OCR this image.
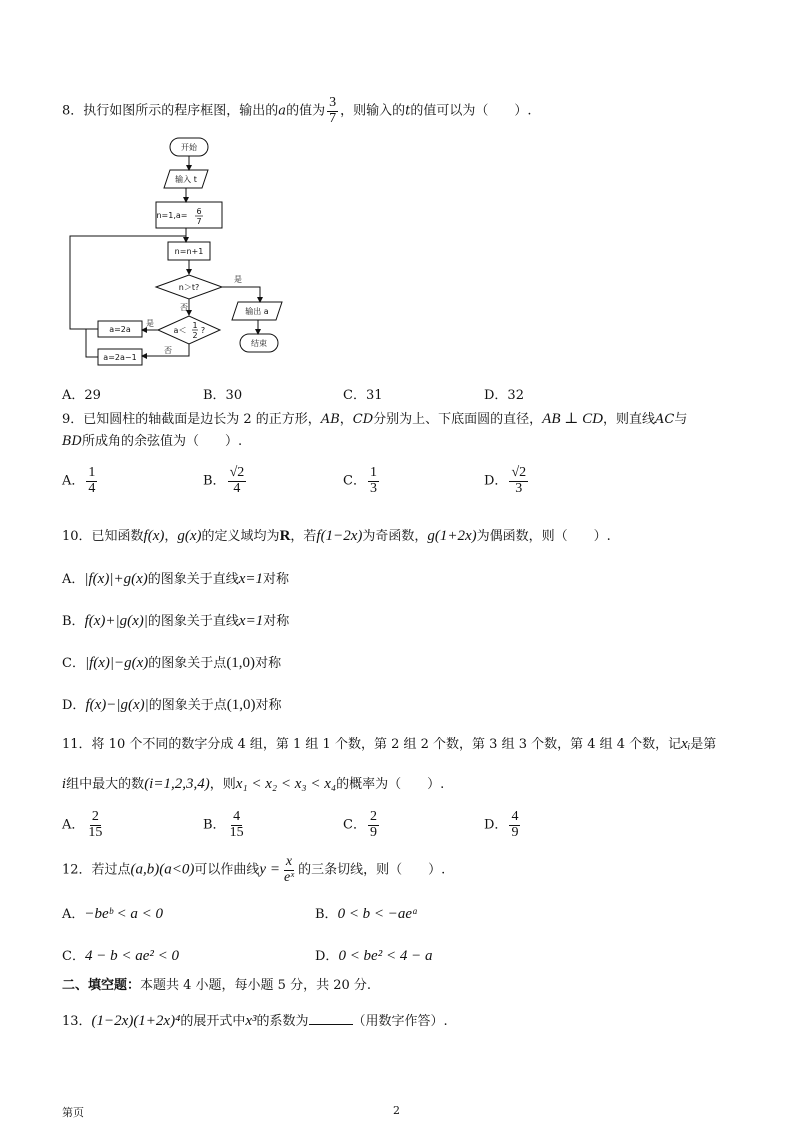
8．执行如图所示的程序框图，输出的a的值为 $\frac{3}{7}$ ，则输入的t的值可以为（　　）.
开始
输入 t
n=1,a= 6
7
n=n+1
n＞t?
是
否	输出 a
结束
a＜
1
2
?
是
否
a=2a
a=2a−1
A．29	B．30	C．31	D．32
9．已知圆柱的轴截面是边长为 2 的正方形，AB，CD分别为上、下底面圆的直径，AB ⊥ CD，则直线AC与
BD所成角的余弦值为（　　）.
A． $\frac{1}{4}$	B． $\frac{√2}{4}$	C． $\frac{1}{3}$	D． $\frac{√2}{3}$
10．已知函数f(x)，g(x)的定义域均为R，若f(1−2x)为奇函数，g(1+2x)为偶函数，则（　　）.
A．|f(x)|+g(x)的图象关于直线x=1对称
B．f(x)+|g(x)|的图象关于直线x=1对称
C．|f(x)|−g(x)的图象关于点(1,0)对称
D．f(x)−|g(x)|的图象关于点(1,0)对称
11．将 10 个不同的数字分成 4 组，第 1 组 1 个数，第 2 组 2 个数，第 3 组 3 个数，第 4 组 4 个数，记xᵢ是第
i组中最大的数(i=1,2,3,4)，则x₁ < x₂ < x₃ < x₄的概率为（　　）.
A． $\frac{2}{15}$	B． $\frac{4}{15}$	C． $\frac{2}{9}$	D． $\frac{4}{9}$
12．若过点(a,b)(a<0)可以作曲线$y = \frac{x}{\text{eˣ}}$ 的三条切线，则（　　）.
A．−beᵇ < a < 0	B．0 < b < −aeᵃ
C．4 − b < ae² < 0	D．0 < be² < 4 − a
二、填空题：本题共 4 小题，每小题 5 分，共 20 分.
13．(1−2x)(1+2x)⁴的展开式中x³的系数为	（用数字作答）.
第页	2
